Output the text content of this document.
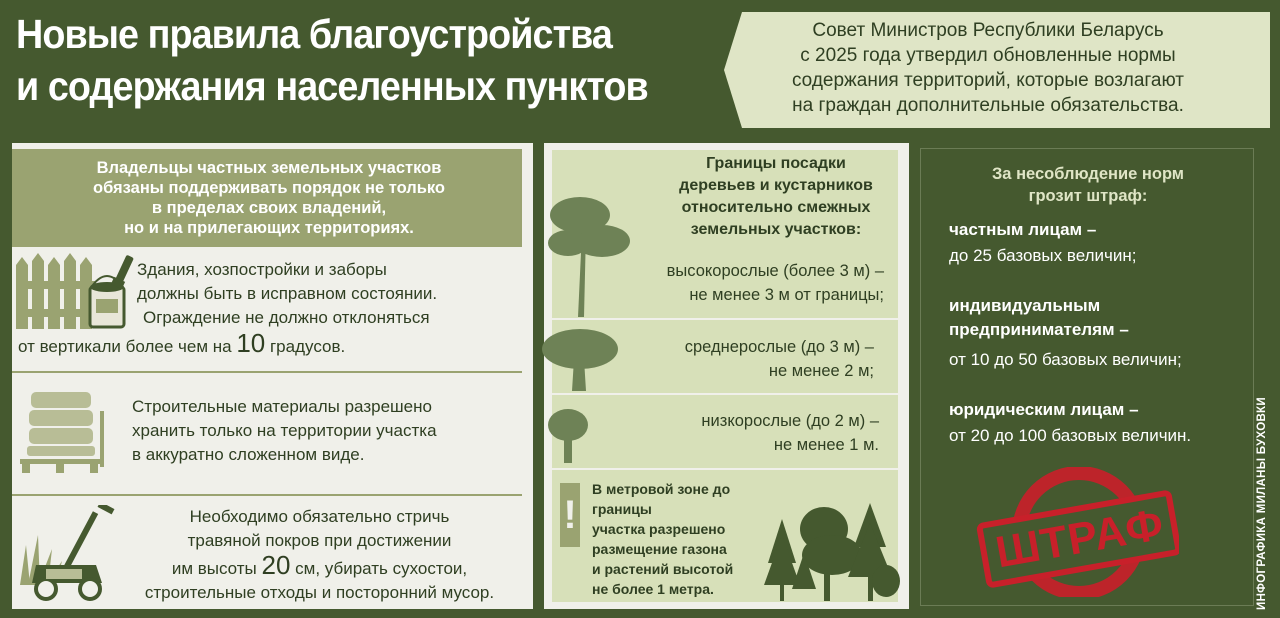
Новые правила благоустройства
и содержания населенных пунктов
Совет Министров Республики Беларусь
с 2025 года утвердил обновленные нормы
содержания территорий, которые возлагают
на граждан дополнительные обязательства.
Владельцы частных земельных участков
обязаны поддерживать порядок не только
в пределах своих владений,
но и на прилегающих территориях.
Здания, хозпостройки и заборы
должны быть в исправном состоянии.
Ограждение не должно отклоняться
от вертикали более чем на 10 градусов.
Строительные материалы разрешено
хранить только на территории участка
в аккуратно сложенном виде.
Необходимо обязательно стричь
травяной покров при достижении
им высоты 20 см, убирать сухостои,
строительные отходы и посторонний мусор.
Границы посадки
деревьев и кустарников
относительно смежных
земельных участков:
высокорослые (более 3 м) –
не менее 3 м от границы;
среднерослые (до 3 м) –
не менее 2 м;
низкорослые (до 2 м) –
не менее 1 м.
!
В метровой зоне до границы
участка разрешено
размещение газона
и растений высотой
не более 1 метра.
За несоблюдение норм
грозит штраф:
частным лицам –
до 25 базовых величин;
индивидуальным
предпринимателям –
от 10 до 50 базовых величин;
юридическим лицам –
от 20 до 100 базовых величин.
ШТРАФ	ИНФОГРАФИКА МИЛАНЫ БУХОВКИ
